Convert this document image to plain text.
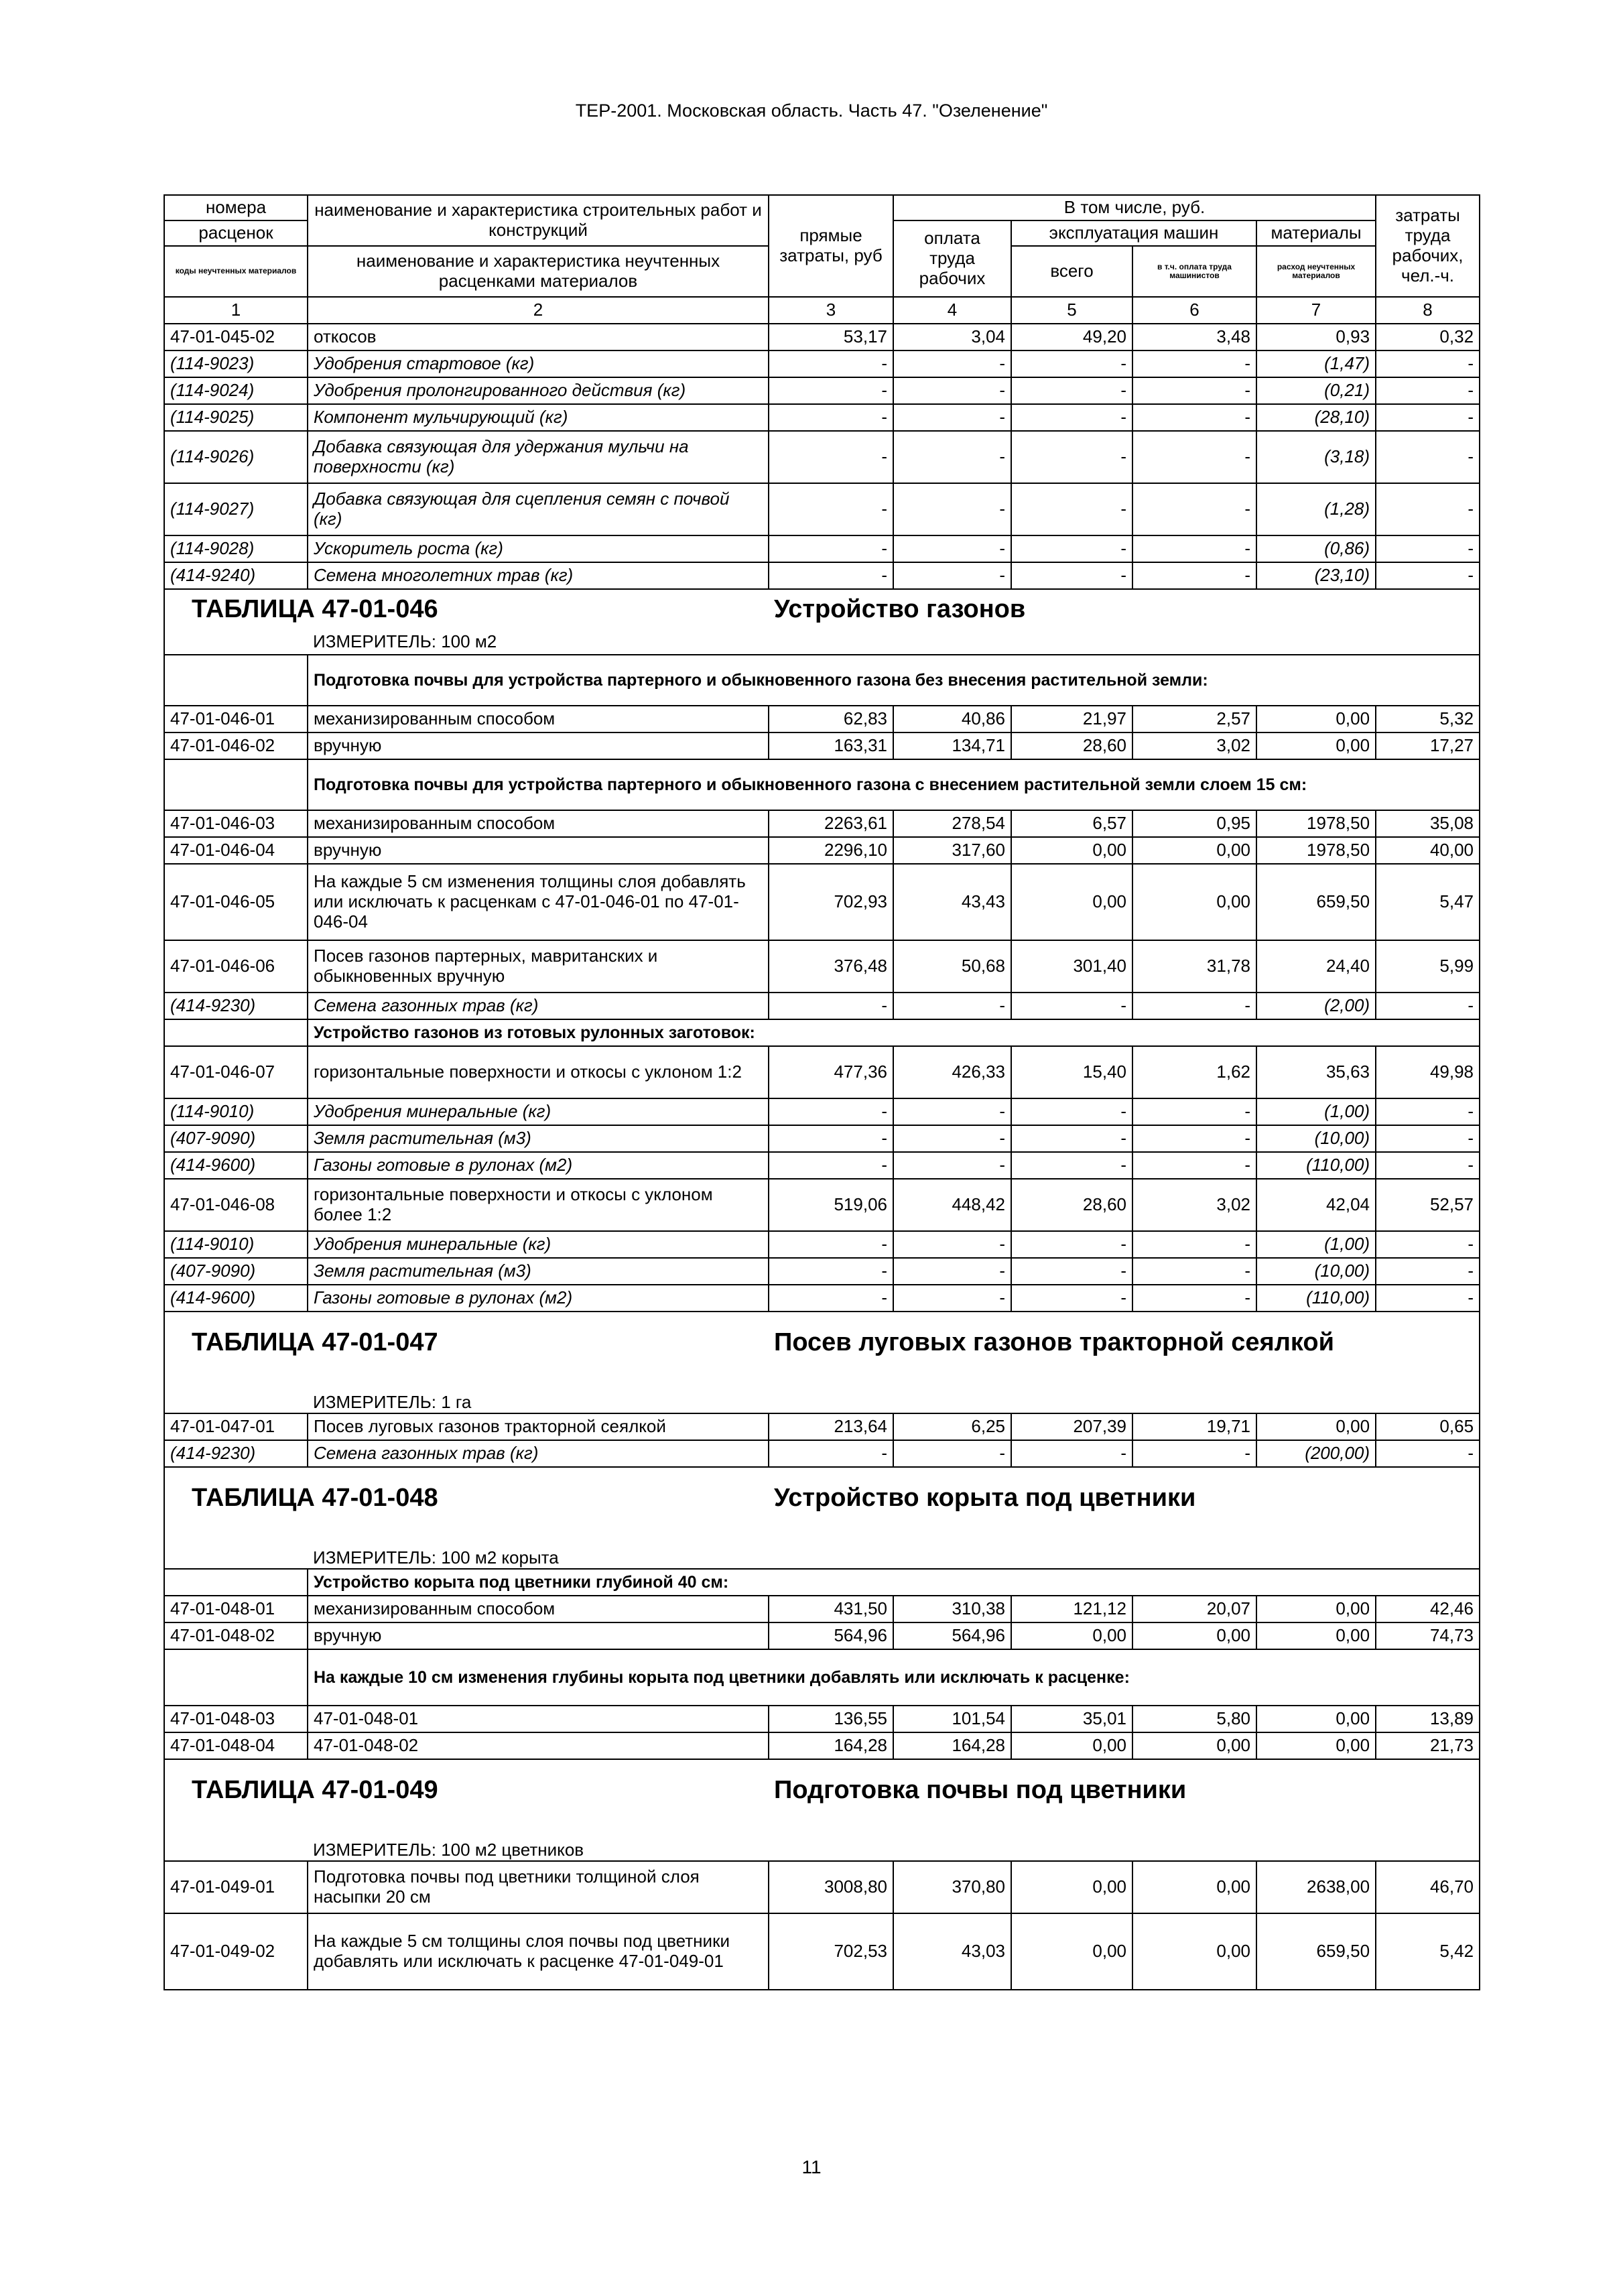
ТЕР-2001. Московская область. Часть 47. "Озеленение"
номера	наименование и характеристика строительных работ и конструкций	прямые затраты, руб	В том числе, руб.				затраты труда рабочих, чел.-ч.
расценок			оплата труда рабочих	эксплуатация машин		материалы	
коды неучтенных материалов	наименование и характеристика неучтенных расценками материалов			всего	в т.ч. оплата труда машинистов	расход неучтенных материалов	
1	2	3	4	5	6	7	8
47-01-045-02	откосов	53,17	3,04	49,20	3,48	0,93	0,32
(114-9023)	Удобрения стартовое (кг)	-	-	-	-	(1,47)	-
(114-9024)	Удобрения пролонгированного действия (кг)	-	-	-	-	(0,21)	-
(114-9025)	Компонент мульчирующий (кг)	-	-	-	-	(28,10)	-
(114-9026)	Добавка связующая для удержания мульчи на поверхности (кг)	-	-	-	-	(3,18)	-
(114-9027)	Добавка связующая для сцепления семян с почвой (кг)	-	-	-	-	(1,28)	-
(114-9028)	Ускоритель роста (кг)	-	-	-	-	(0,86)	-
(414-9240)	Семена многолетних трав (кг)	-	-	-	-	(23,10)	-
ТАБЛИЦА 47-01-046		Устройство газонов					
	ИЗМЕРИТЕЛЬ: 100 м2						
	Подготовка почвы для устройства партерного и обыкновенного газона без внесения растительной земли:						
47-01-046-01	механизированным способом	62,83	40,86	21,97	2,57	0,00	5,32
47-01-046-02	вручную	163,31	134,71	28,60	3,02	0,00	17,27
	Подготовка почвы для устройства партерного и обыкновенного газона с внесением растительной земли слоем 15 см:						
47-01-046-03	механизированным способом	2263,61	278,54	6,57	0,95	1978,50	35,08
47-01-046-04	вручную	2296,10	317,60	0,00	0,00	1978,50	40,00
47-01-046-05	На каждые 5 см изменения толщины слоя добавлять или исключать к расценкам с 47-01-046-01 по 47-01-046-04	702,93	43,43	0,00	0,00	659,50	5,47
47-01-046-06	Посев газонов партерных, мавританских и обыкновенных вручную	376,48	50,68	301,40	31,78	24,40	5,99
(414-9230)	Семена газонных трав (кг)	-	-	-	-	(2,00)	-
	Устройство газонов из готовых рулонных заготовок:						
47-01-046-07	горизонтальные поверхности и откосы с уклоном 1:2	477,36	426,33	15,40	1,62	35,63	49,98
(114-9010)	Удобрения минеральные (кг)	-	-	-	-	(1,00)	-
(407-9090)	Земля растительная (м3)	-	-	-	-	(10,00)	-
(414-9600)	Газоны готовые в рулонах (м2)	-	-	-	-	(110,00)	-
47-01-046-08	горизонтальные поверхности и откосы с уклоном более 1:2	519,06	448,42	28,60	3,02	42,04	52,57
(114-9010)	Удобрения минеральные (кг)	-	-	-	-	(1,00)	-
(407-9090)	Земля растительная (м3)	-	-	-	-	(10,00)	-
(414-9600)	Газоны готовые в рулонах (м2)	-	-	-	-	(110,00)	-
ТАБЛИЦА 47-01-047		Посев луговых газонов тракторной сеялкой					
	ИЗМЕРИТЕЛЬ: 1 га						
47-01-047-01	Посев луговых газонов тракторной сеялкой	213,64	6,25	207,39	19,71	0,00	0,65
(414-9230)	Семена газонных трав (кг)	-	-	-	-	(200,00)	-
ТАБЛИЦА 47-01-048		Устройство корыта под цветники					
	ИЗМЕРИТЕЛЬ: 100 м2 корыта						
	Устройство корыта под цветники глубиной 40 см:						
47-01-048-01	механизированным способом	431,50	310,38	121,12	20,07	0,00	42,46
47-01-048-02	вручную	564,96	564,96	0,00	0,00	0,00	74,73
	На каждые 10 см изменения глубины корыта под цветники добавлять или исключать к расценке:						
47-01-048-03	47-01-048-01	136,55	101,54	35,01	5,80	0,00	13,89
47-01-048-04	47-01-048-02	164,28	164,28	0,00	0,00	0,00	21,73
ТАБЛИЦА 47-01-049		Подготовка почвы под цветники					
	ИЗМЕРИТЕЛЬ: 100 м2 цветников						
47-01-049-01	Подготовка почвы под цветники толщиной слоя насыпки 20 см	3008,80	370,80	0,00	0,00	2638,00	46,70
47-01-049-02	На каждые 5 см толщины слоя почвы под цветники добавлять или исключать к расценке 47-01-049-01	702,53	43,03	0,00	0,00	659,50	5,42
11
